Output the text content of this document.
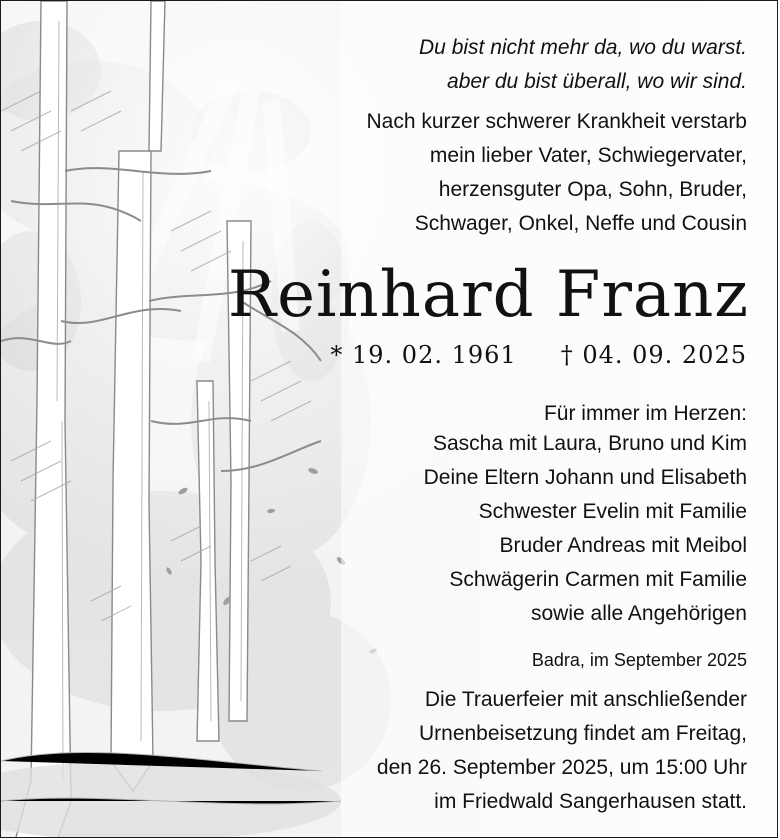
Du bist nicht mehr da, wo du warst.
aber du bist überall, wo wir sind.
Nach kurzer schwerer Krankheit verstarb
mein lieber Vater, Schwiegervater,
herzensguter Opa, Sohn, Bruder,
Schwager, Onkel, Neffe und Cousin
Reinhard Franz
* 19. 02. 1961 † 04. 09. 2025
Für immer im Herzen:
Sascha mit Laura, Bruno und Kim
Deine Eltern Johann und Elisabeth
Schwester Evelin mit Familie
Bruder Andreas mit Meibol
Schwägerin Carmen mit Familie
sowie alle Angehörigen
Badra, im September 2025
Die Trauerfeier mit anschließender
Urnenbeisetzung findet am Freitag,
den 26. September 2025, um 15:00 Uhr
im Friedwald Sangerhausen statt.
